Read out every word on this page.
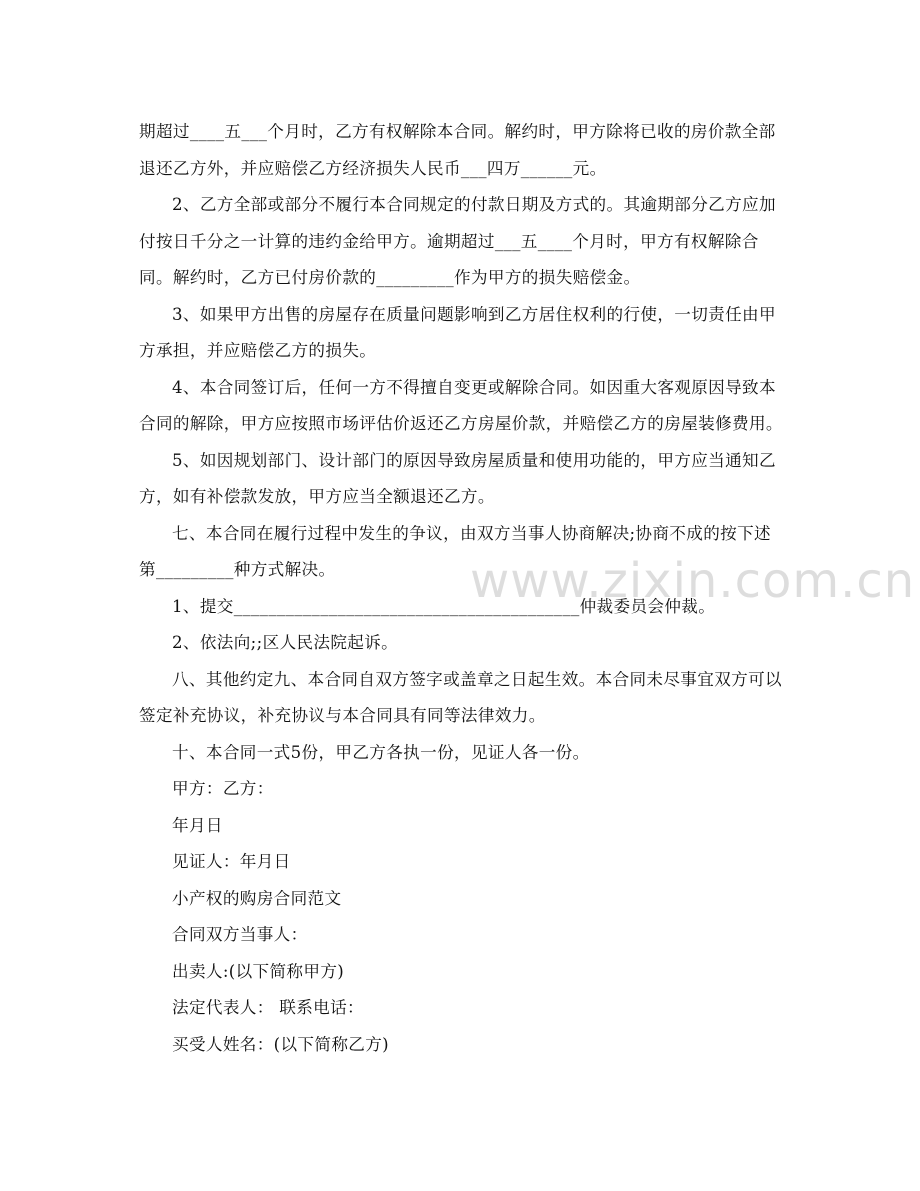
期超过____五___个月时，乙方有权解除本合同。解约时，甲方除将已收的房价款全部退还乙方外，并应赔偿乙方经济损失人民币___四万______元。

2、乙方全部或部分不履行本合同规定的付款日期及方式的。其逾期部分乙方应加付按日千分之一计算的违约金给甲方。逾期超过___五____个月时，甲方有权解除合同。解约时，乙方已付房价款的_________作为甲方的损失赔偿金。

3、如果甲方出售的房屋存在质量问题影响到乙方居住权利的行使，一切责任由甲方承担，并应赔偿乙方的损失。

4、本合同签订后，任何一方不得擅自变更或解除合同。如因重大客观原因导致本合同的解除，甲方应按照市场评估价返还乙方房屋价款，并赔偿乙方的房屋装修费用。

5、如因规划部门、设计部门的原因导致房屋质量和使用功能的，甲方应当通知乙方，如有补偿款发放，甲方应当全额退还乙方。

七、本合同在履行过程中发生的争议，由双方当事人协商解决;协商不成的按下述第_________种方式解决。

1、提交________________________________________仲裁委员会仲裁。

2、依法向;;区人民法院起诉。

八、其他约定九、本合同自双方签字或盖章之日起生效。本合同未尽事宜双方可以签定补充协议，补充协议与本合同具有同等法律效力。

十、本合同一式5份，甲乙方各执一份，见证人各一份。

甲方：乙方：

年月日

见证人：年月日

小产权的购房合同范文

合同双方当事人：

出卖人:(以下简称甲方)

法定代表人： 联系电话：

买受人姓名：(以下简称乙方)

www.zixin.com.cn
